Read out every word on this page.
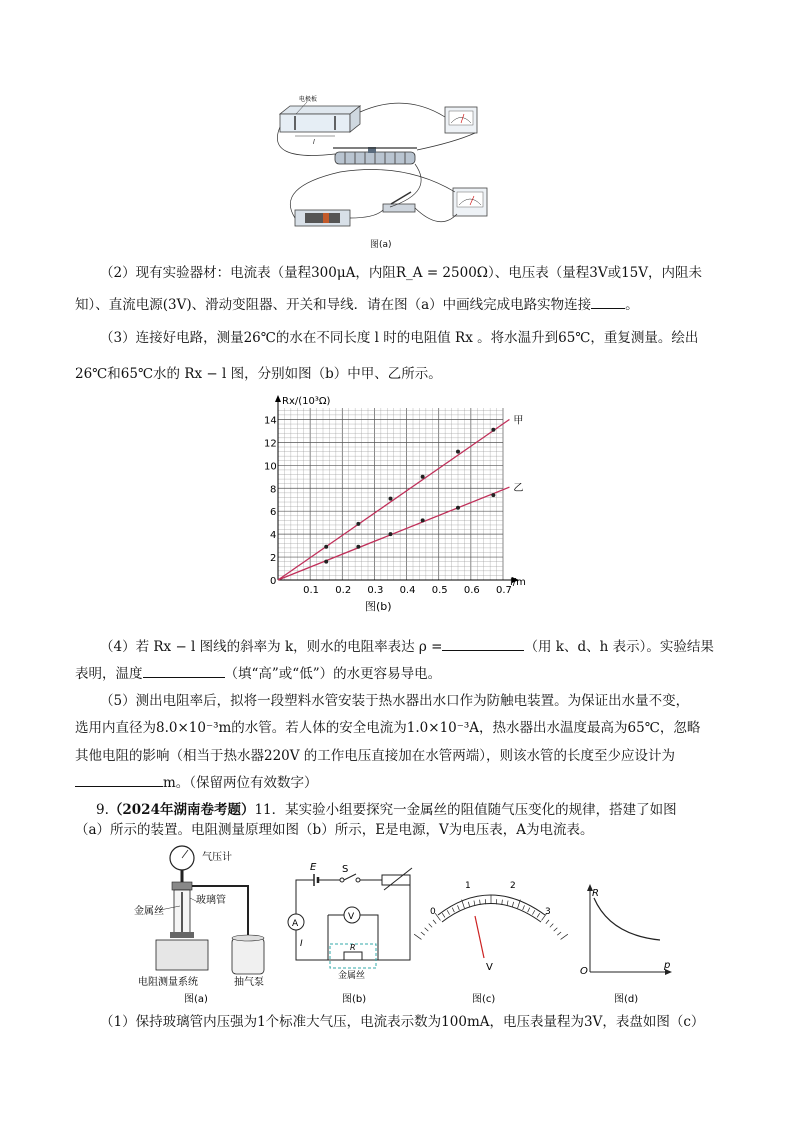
l
电极板
图(a)
（2）现有实验器材：电流表（量程300μA，内阻R_A = 2500Ω）、电压表（量程3V或15V，内阻未
知）、直流电源(3V)、滑动变阻器、开关和导线．请在图（a）中画线完成电路实物连接	。
（3）连接好电路，测量26℃的水在不同长度 l 时的电阻值 Rx 。将水温升到65℃，重复测量。绘出
26℃和65℃水的 Rx − l 图，分别如图（b）中甲、乙所示。
0.1 0.2 0.3 0.4 0.5 0.6 0.7
0
2
4
6
8
10
12
14	甲
乙
Rx/(10³Ω)
l/m
图(b)
（4）若 Rx − l 图线的斜率为 k，则水的电阻率表达 ρ =	（用 k、d、h 表示）。实验结果
表明，温度	（填“高”或“低”）的水更容易导电。
（5）测出电阻率后，拟将一段塑料水管安装于热水器出水口作为防触电装置。为保证出水量不变，
选用内直径为8.0×10⁻³m的水管。若人体的安全电流为1.0×10⁻³A，热水器出水温度最高为65℃，忽略
其他电阻的影响（相当于热水器220V 的工作电压直接加在水管两端），则该水管的长度至少应设计为
m。（保留两位有效数字）
9.（2024年湖南卷考题）11．某实验小组要探究一金属丝的阻值随气压变化的规律，搭建了如图
（a）所示的装置。电阻测量原理如图（b）所示，E是电源，V为电压表，A为电流表。
气压计
金属丝
玻璃管
电阻测量系统	抽气泵
图(a)
E	S
A
V
I	R
金属丝
图(b)
0
1	2
3
V
图(c)
R
O
p
图(d)
（1）保持玻璃管内压强为1个标准大气压，电流表示数为100mA，电压表量程为3V，表盘如图（c）
